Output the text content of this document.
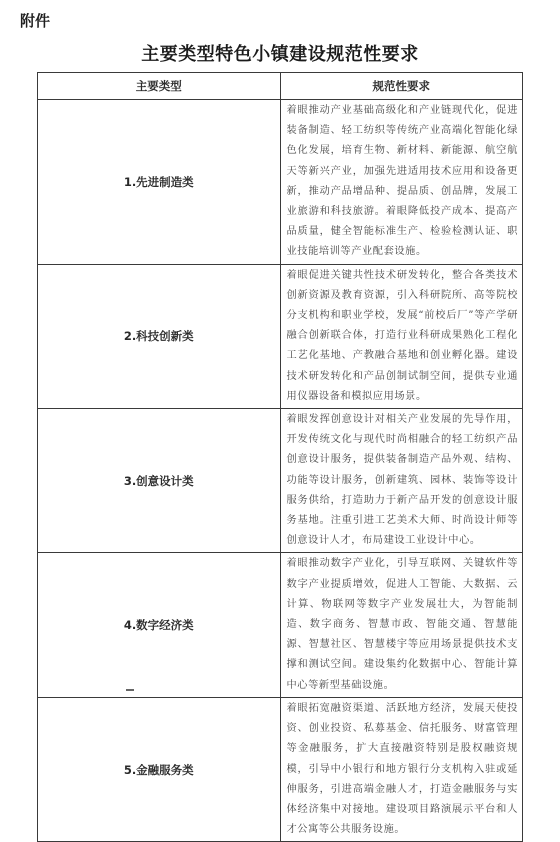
附件
主要类型特色小镇建设规范性要求
主要类型	规范性要求
1.先进制造类	着眼推动产业基础高级化和产业链现代化，促进装备制造、轻工纺织等传统产业高端化智能化绿色化发展，培育生物、新材料、新能源、航空航天等新兴产业，加强先进适用技术应用和设备更新，推动产品增品种、提品质、创品牌，发展工业旅游和科技旅游。着眼降低投产成本、提高产品质量，健全智能标准生产、检验检测认证、职业技能培训等产业配套设施。
2.科技创新类	着眼促进关键共性技术研发转化，整合各类技术创新资源及教育资源，引入科研院所、高等院校分支机构和职业学校，发展“前校后厂”等产学研融合创新联合体，打造行业科研成果熟化工程化工艺化基地、产教融合基地和创业孵化器。建设技术研发转化和产品创制试制空间，提供专业通用仪器设备和模拟应用场景。
3.创意设计类	着眼发挥创意设计对相关产业发展的先导作用，开发传统文化与现代时尚相融合的轻工纺织产品创意设计服务，提供装备制造产品外观、结构、功能等设计服务，创新建筑、园林、装饰等设计服务供给，打造助力于新产品开发的创意设计服务基地。注重引进工艺美术大师、时尚设计师等创意设计人才，布局建设工业设计中心。
4.数字经济类	着眼推动数字产业化，引导互联网、关键软件等数字产业提质增效，促进人工智能、大数据、云计算、物联网等数字产业发展壮大，为智能制造、数字商务、智慧市政、智能交通、智慧能源、智慧社区、智慧楼宇等应用场景提供技术支撑和测试空间。建设集约化数据中心、智能计算中心等新型基础设施。
5.金融服务类	着眼拓宽融资渠道、活跃地方经济，发展天使投资、创业投资、私募基金、信托服务、财富管理等金融服务，扩大直接融资特别是股权融资规模，引导中小银行和地方银行分支机构入驻或延伸服务，引进高端金融人才，打造金融服务与实体经济集中对接地。建设项目路演展示平台和人才公寓等公共服务设施。
